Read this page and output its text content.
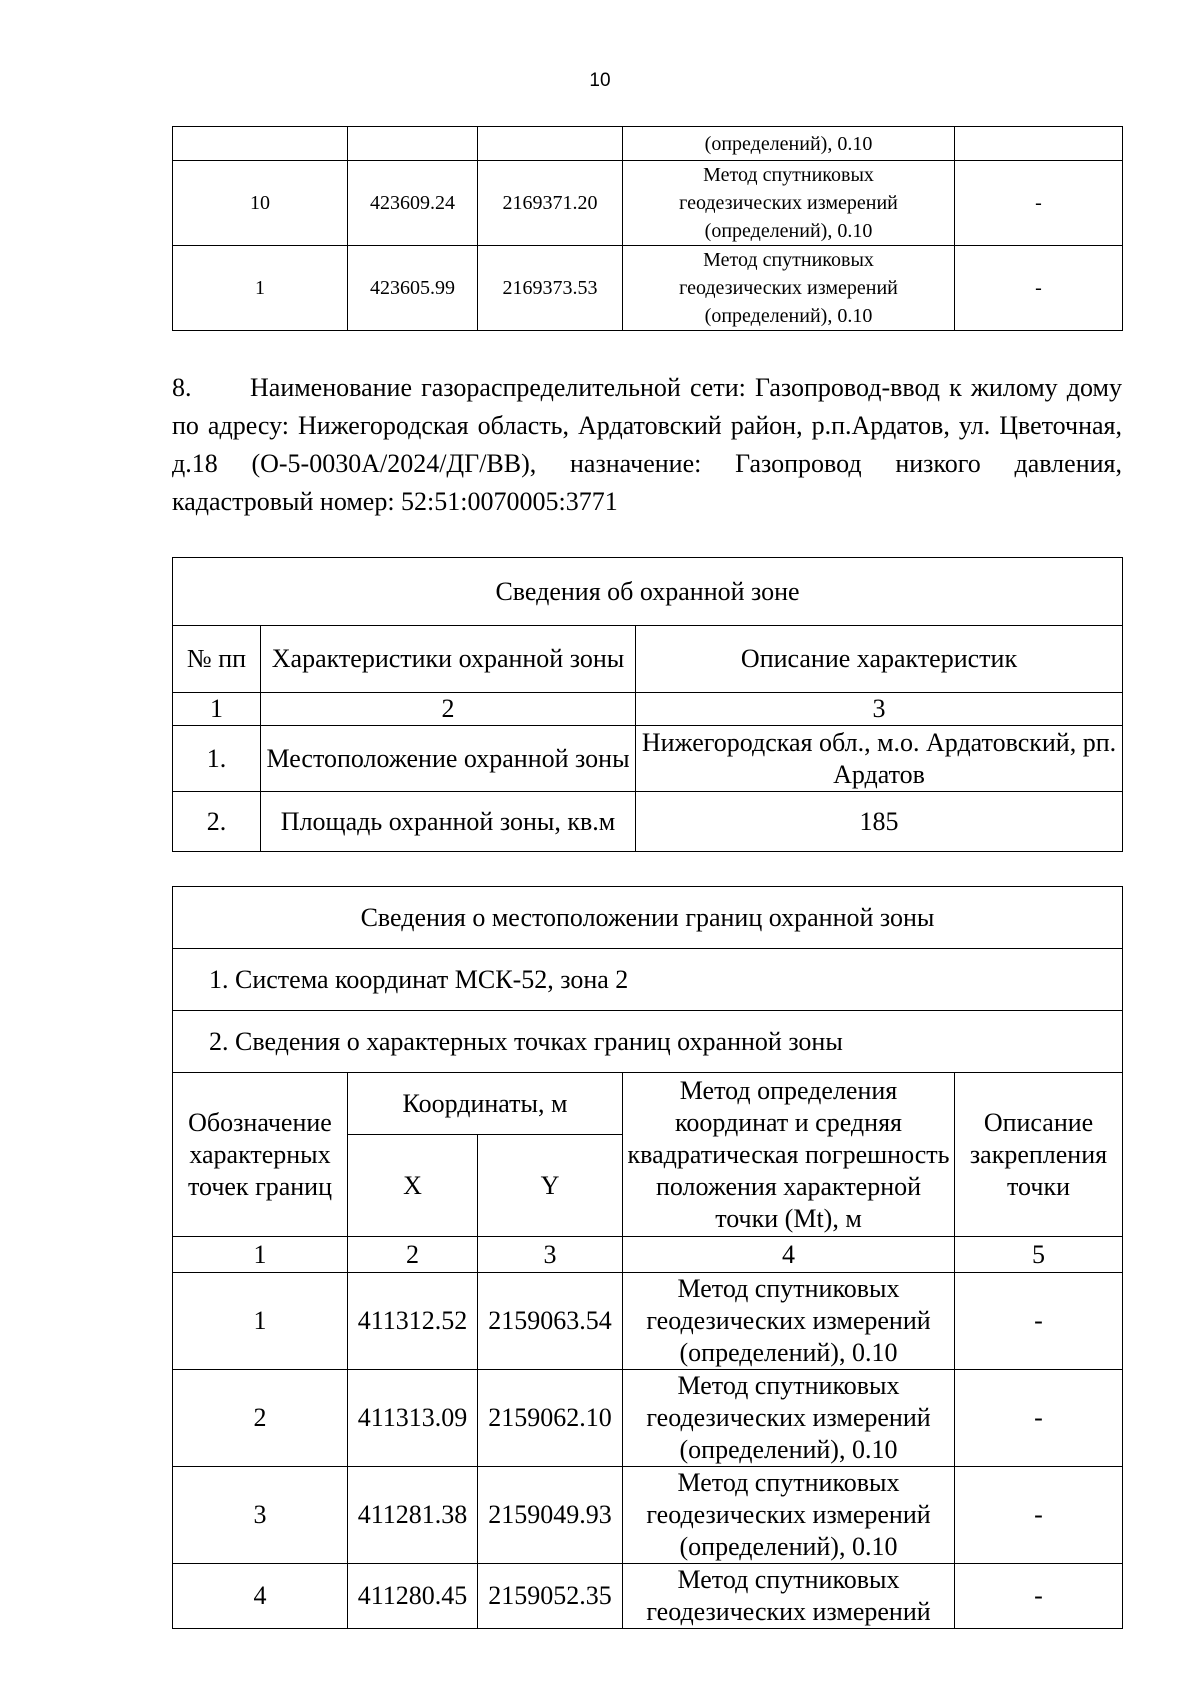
10

			(определений), 0.10	

10	423609.24	2169371.20	Метод спутниковых
геодезических измерений
(определений), 0.10	-
1	423605.99	2169373.53	Метод спутниковых
геодезических измерений
(определений), 0.10	-
8. Наименование газораспределительной сети: Газопровод-ввод к жилому дому по адресу: Нижегородская область, Ардатовский район, р.п.Ардатов, ул. Цветочная, д.18 (О-5-0030А/2024/ДГ/ВВ), назначение: Газопровод низкого давления, кадастровый номер: 52:51:0070005:3771
Сведения об охранной зоне		
№ пп	Характеристики охранной зоны	Описание характеристик
1	2	3
1.	Местоположение охранной зоны	Нижегородская обл., м.о. Ардатовский, рп. Ардатов
2.	Площадь охранной зоны, кв.м	185
Сведения о местоположении границ охранной зоны				
1. Система координат МСК-52, зона 2				
2. Сведения о характерных точках границ охранной зоны				
Обозначение характерных точек границ	Координаты, м		Метод определения координат и средняя квадратическая погрешность положения характерной точки (Mt), м	Описание закрепления точки
	X	Y		
1	2	3	4	5
1	411312.52	2159063.54	Метод спутниковых
геодезических измерений
(определений), 0.10	-
2	411313.09	2159062.10	Метод спутниковых
геодезических измерений
(определений), 0.10	-
3	411281.38	2159049.93	Метод спутниковых
геодезических измерений
(определений), 0.10	-
4	411280.45	2159052.35	Метод спутниковых
геодезических измерений	-
